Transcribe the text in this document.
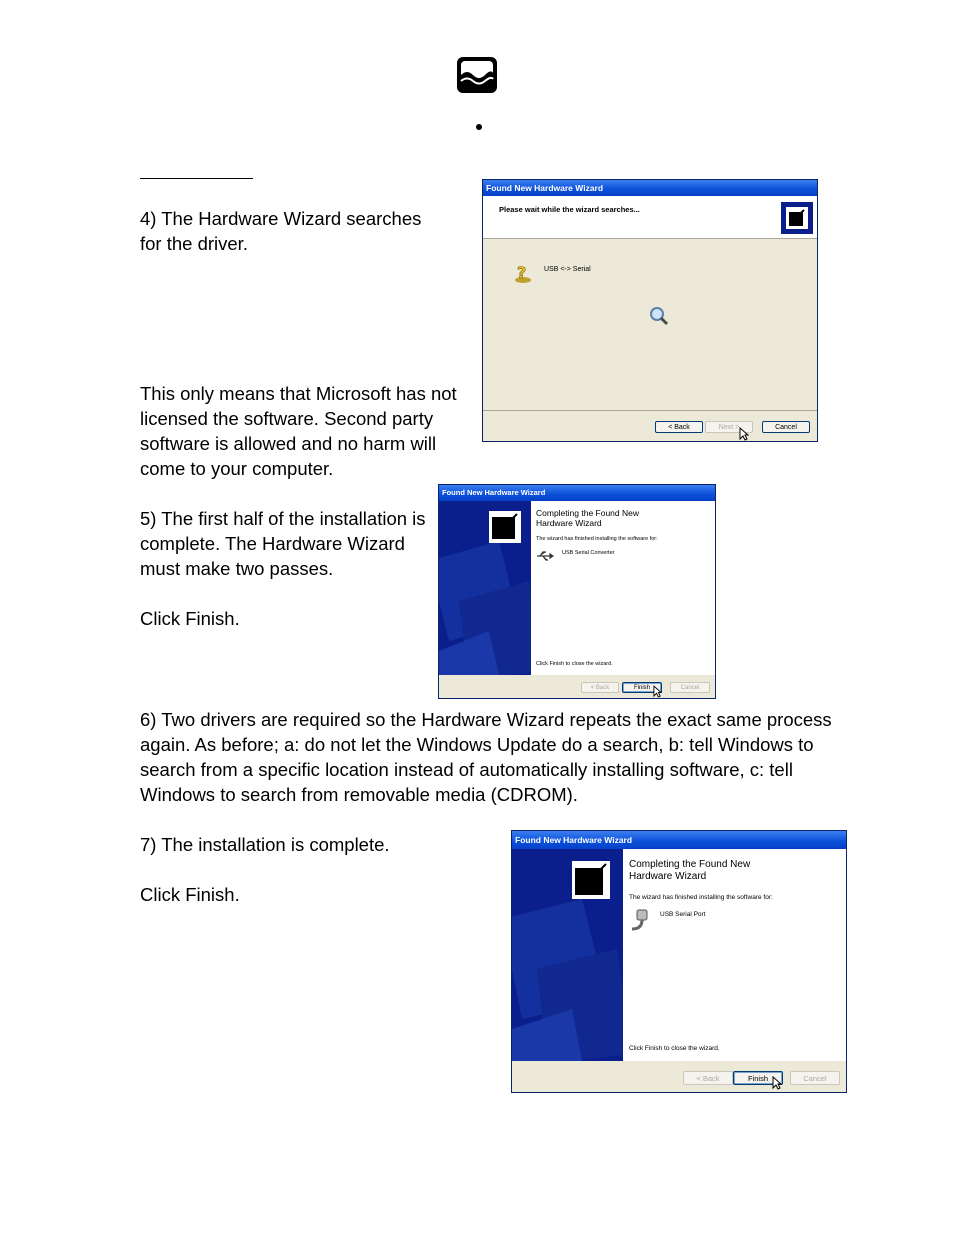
4) The Hardware Wizard searches

for the driver.

This only means that Microsoft has not

licensed the software. Second party

software is allowed and no harm will

come to your computer.

Found New Hardware Wizard
Please wait while the wizard searches...
?	USB <-> Serial
< Back	Next >	Cancel

5) The first half of the installation is

complete. The Hardware Wizard

must make two passes.

Click Finish.

Found New Hardware Wizard
Completing the Found New
Hardware Wizard
The wizard has finished installing the software for:
USB Serial Converter
Click Finish to close the wizard.
< Back	Finish	Cancel

6) Two drivers are required so the Hardware Wizard repeats the exact same process

again. As before; a: do not let the Windows Update do a search, b: tell Windows to

search from a specific location instead of automatically installing software, c: tell

Windows to search from removable media (CDROM).

7) The installation is complete.

Click Finish.

Found New Hardware Wizard
Completing the Found New
Hardware Wizard
The wizard has finished installing the software for:
USB Serial Port
Click Finish to close the wizard.
< Back	Finish	Cancel
